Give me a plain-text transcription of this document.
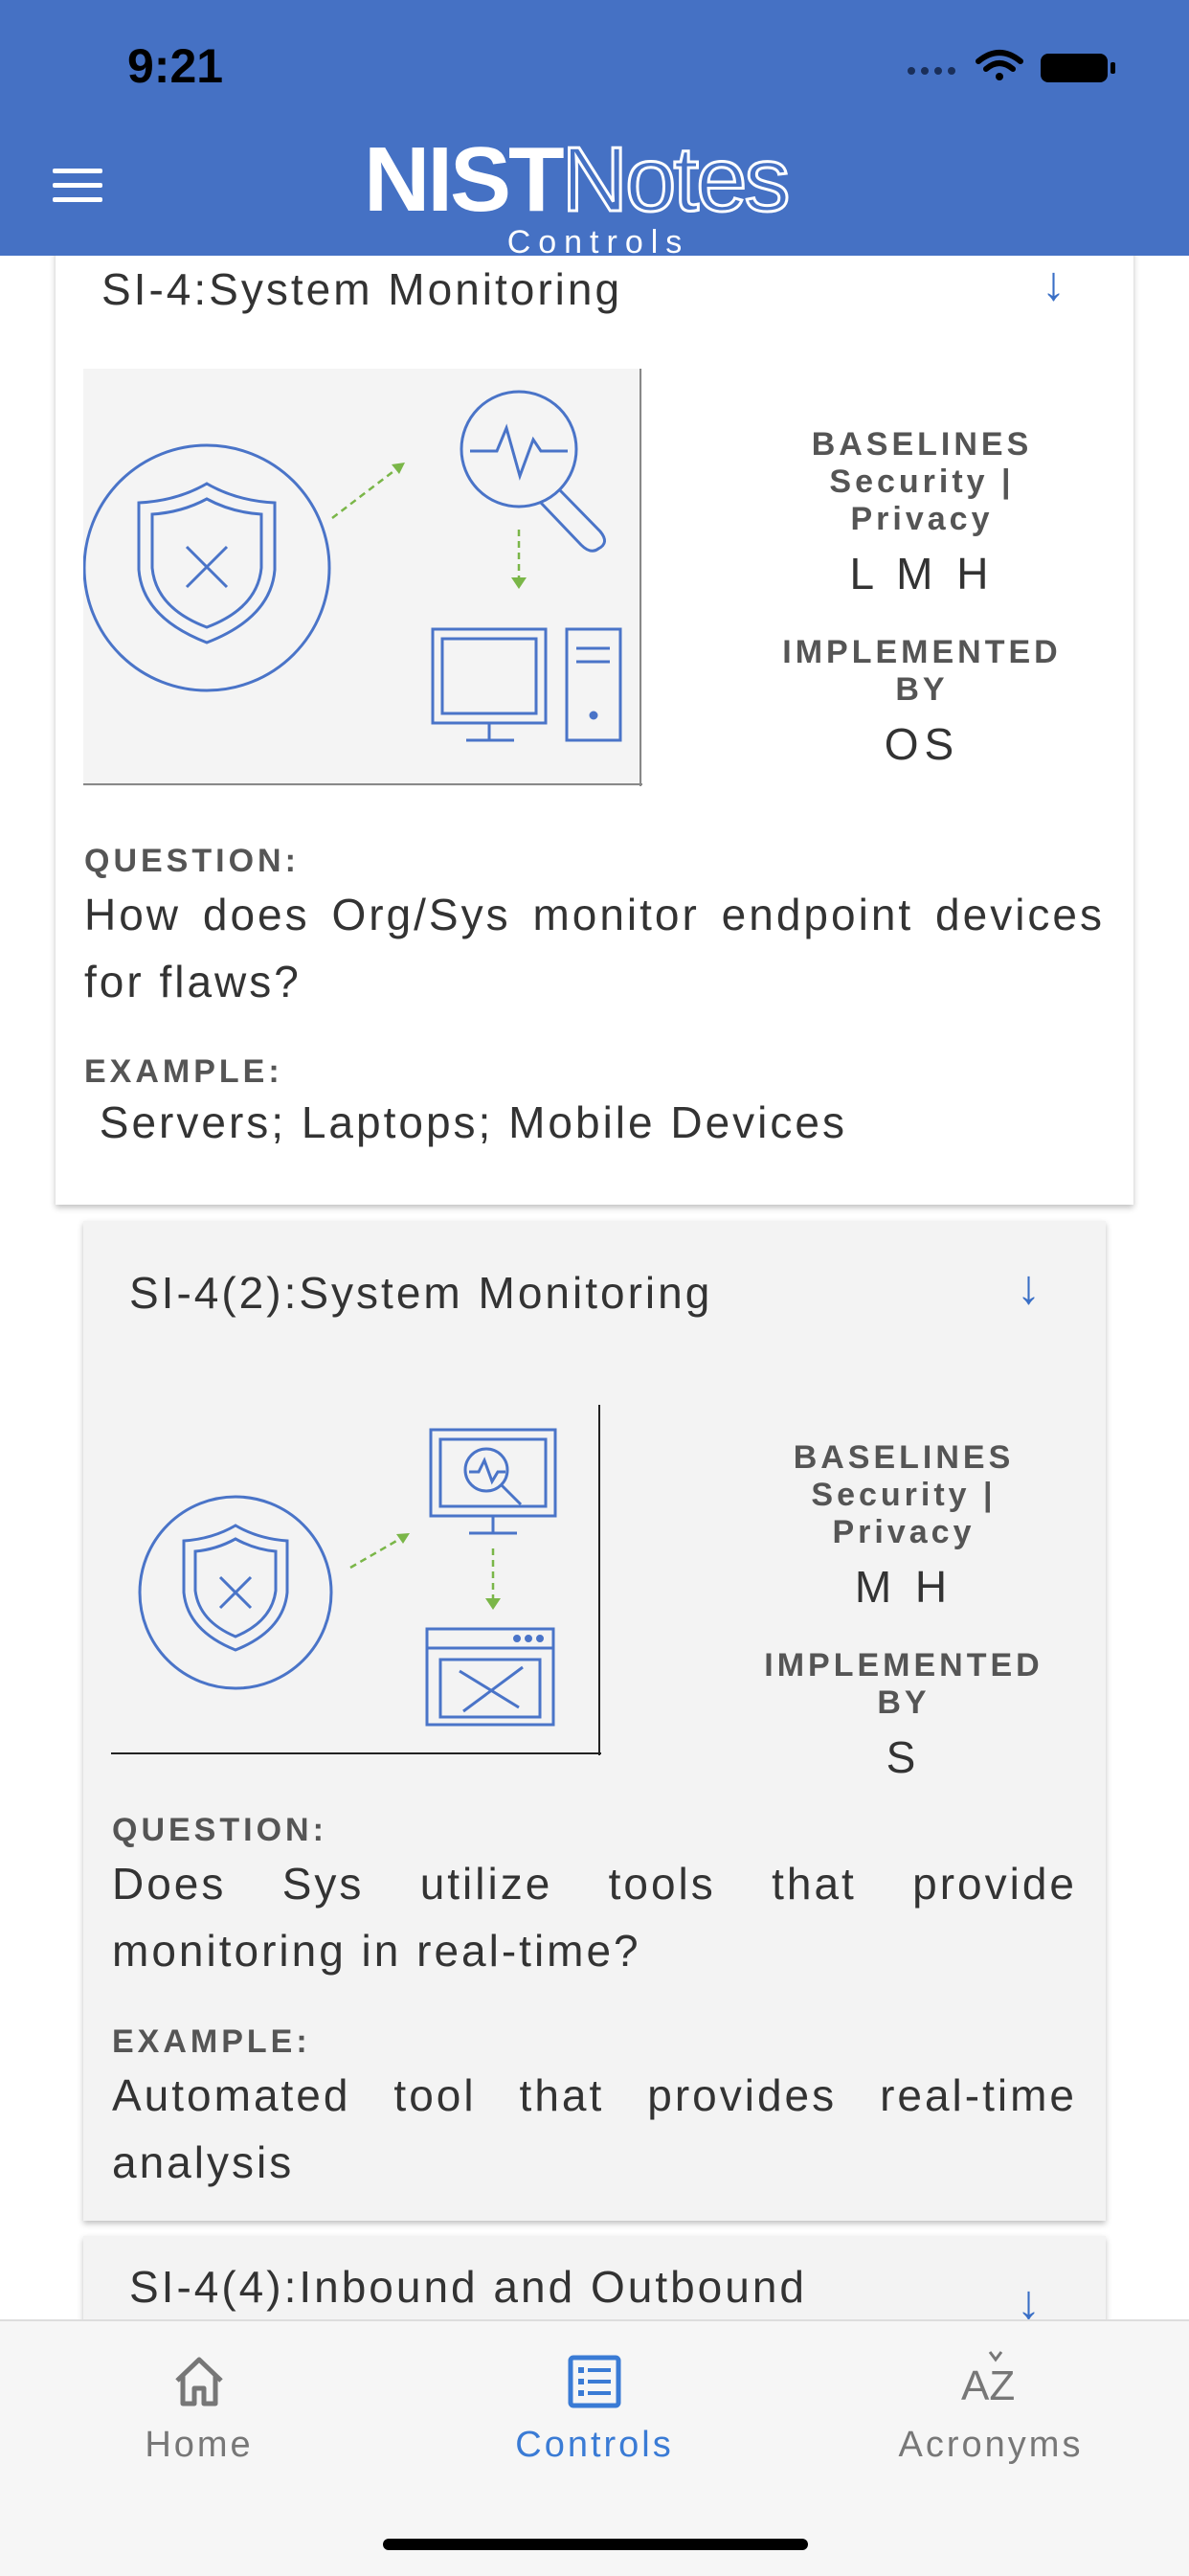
9:21
NISTNotes
Controls
SI-4:System Monitoring	↓
BASELINES
Security | Privacy
L M H
IMPLEMENTED BY
OS
QUESTION:
How does Org/Sys monitor endpoint devices for flaws?
EXAMPLE:
Servers; Laptops; Mobile Devices
SI-4(2):System Monitoring	↓
BASELINES
Security | Privacy
M H
IMPLEMENTED BY
S
QUESTION:
Does Sys utilize tools that provide monitoring in real-time?
EXAMPLE:
Automated tool that provides real-time analysis
SI-4(4):Inbound and Outbound	↓
Home	Controls
AZ
Acronyms
